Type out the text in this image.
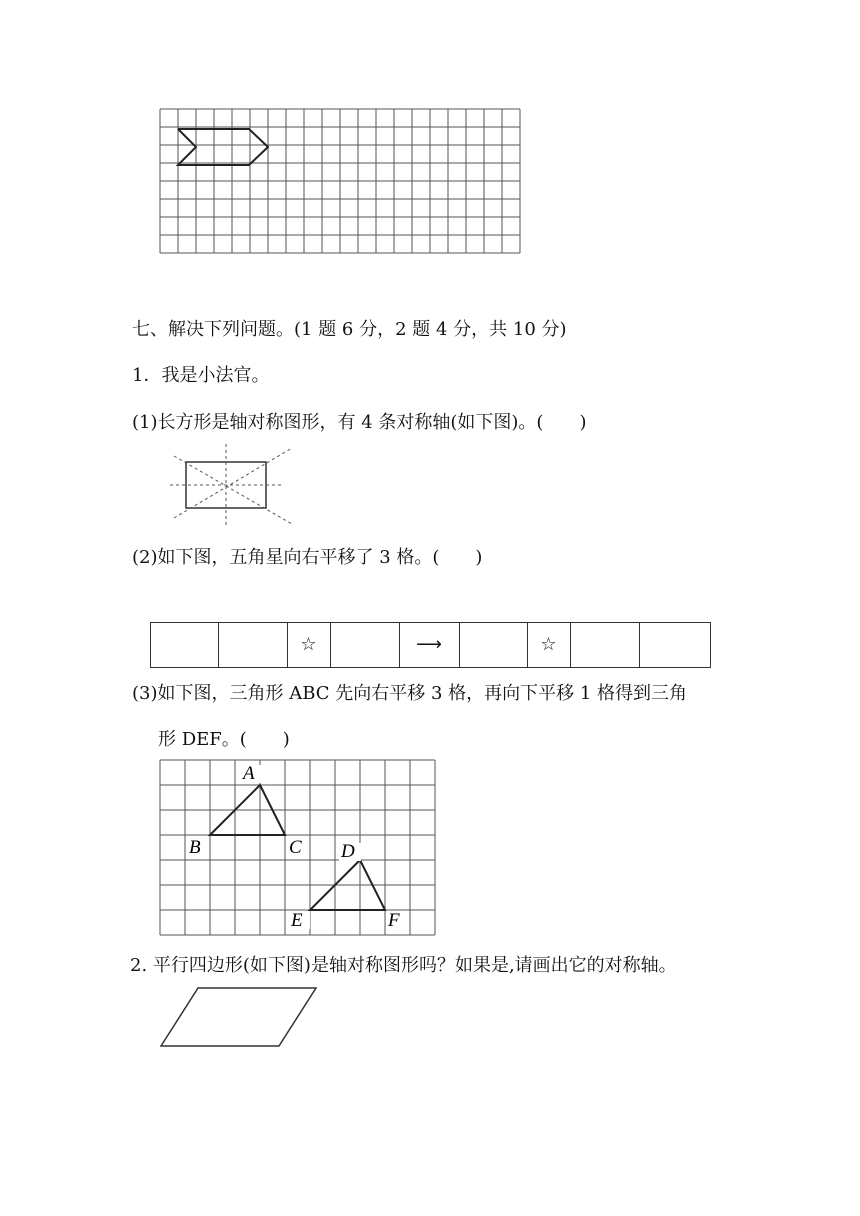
七、解决下列问题。(1 题 6 分，2 题 4 分，共 10 分)
1．我是小法官。
(1)长方形是轴对称图形，有 4 条对称轴(如下图)。(　　)
(2)如下图，五角星向右平移了 3 格。(　　)
☆	⟶	☆
(3)如下图，三角形 ABC 先向右平移 3 格，再向下平移 1 格得到三角
形 DEF。(　　)
A
B	C D
E	F
2. 平行四边形(如下图)是轴对称图形吗？如果是,请画出它的对称轴。
